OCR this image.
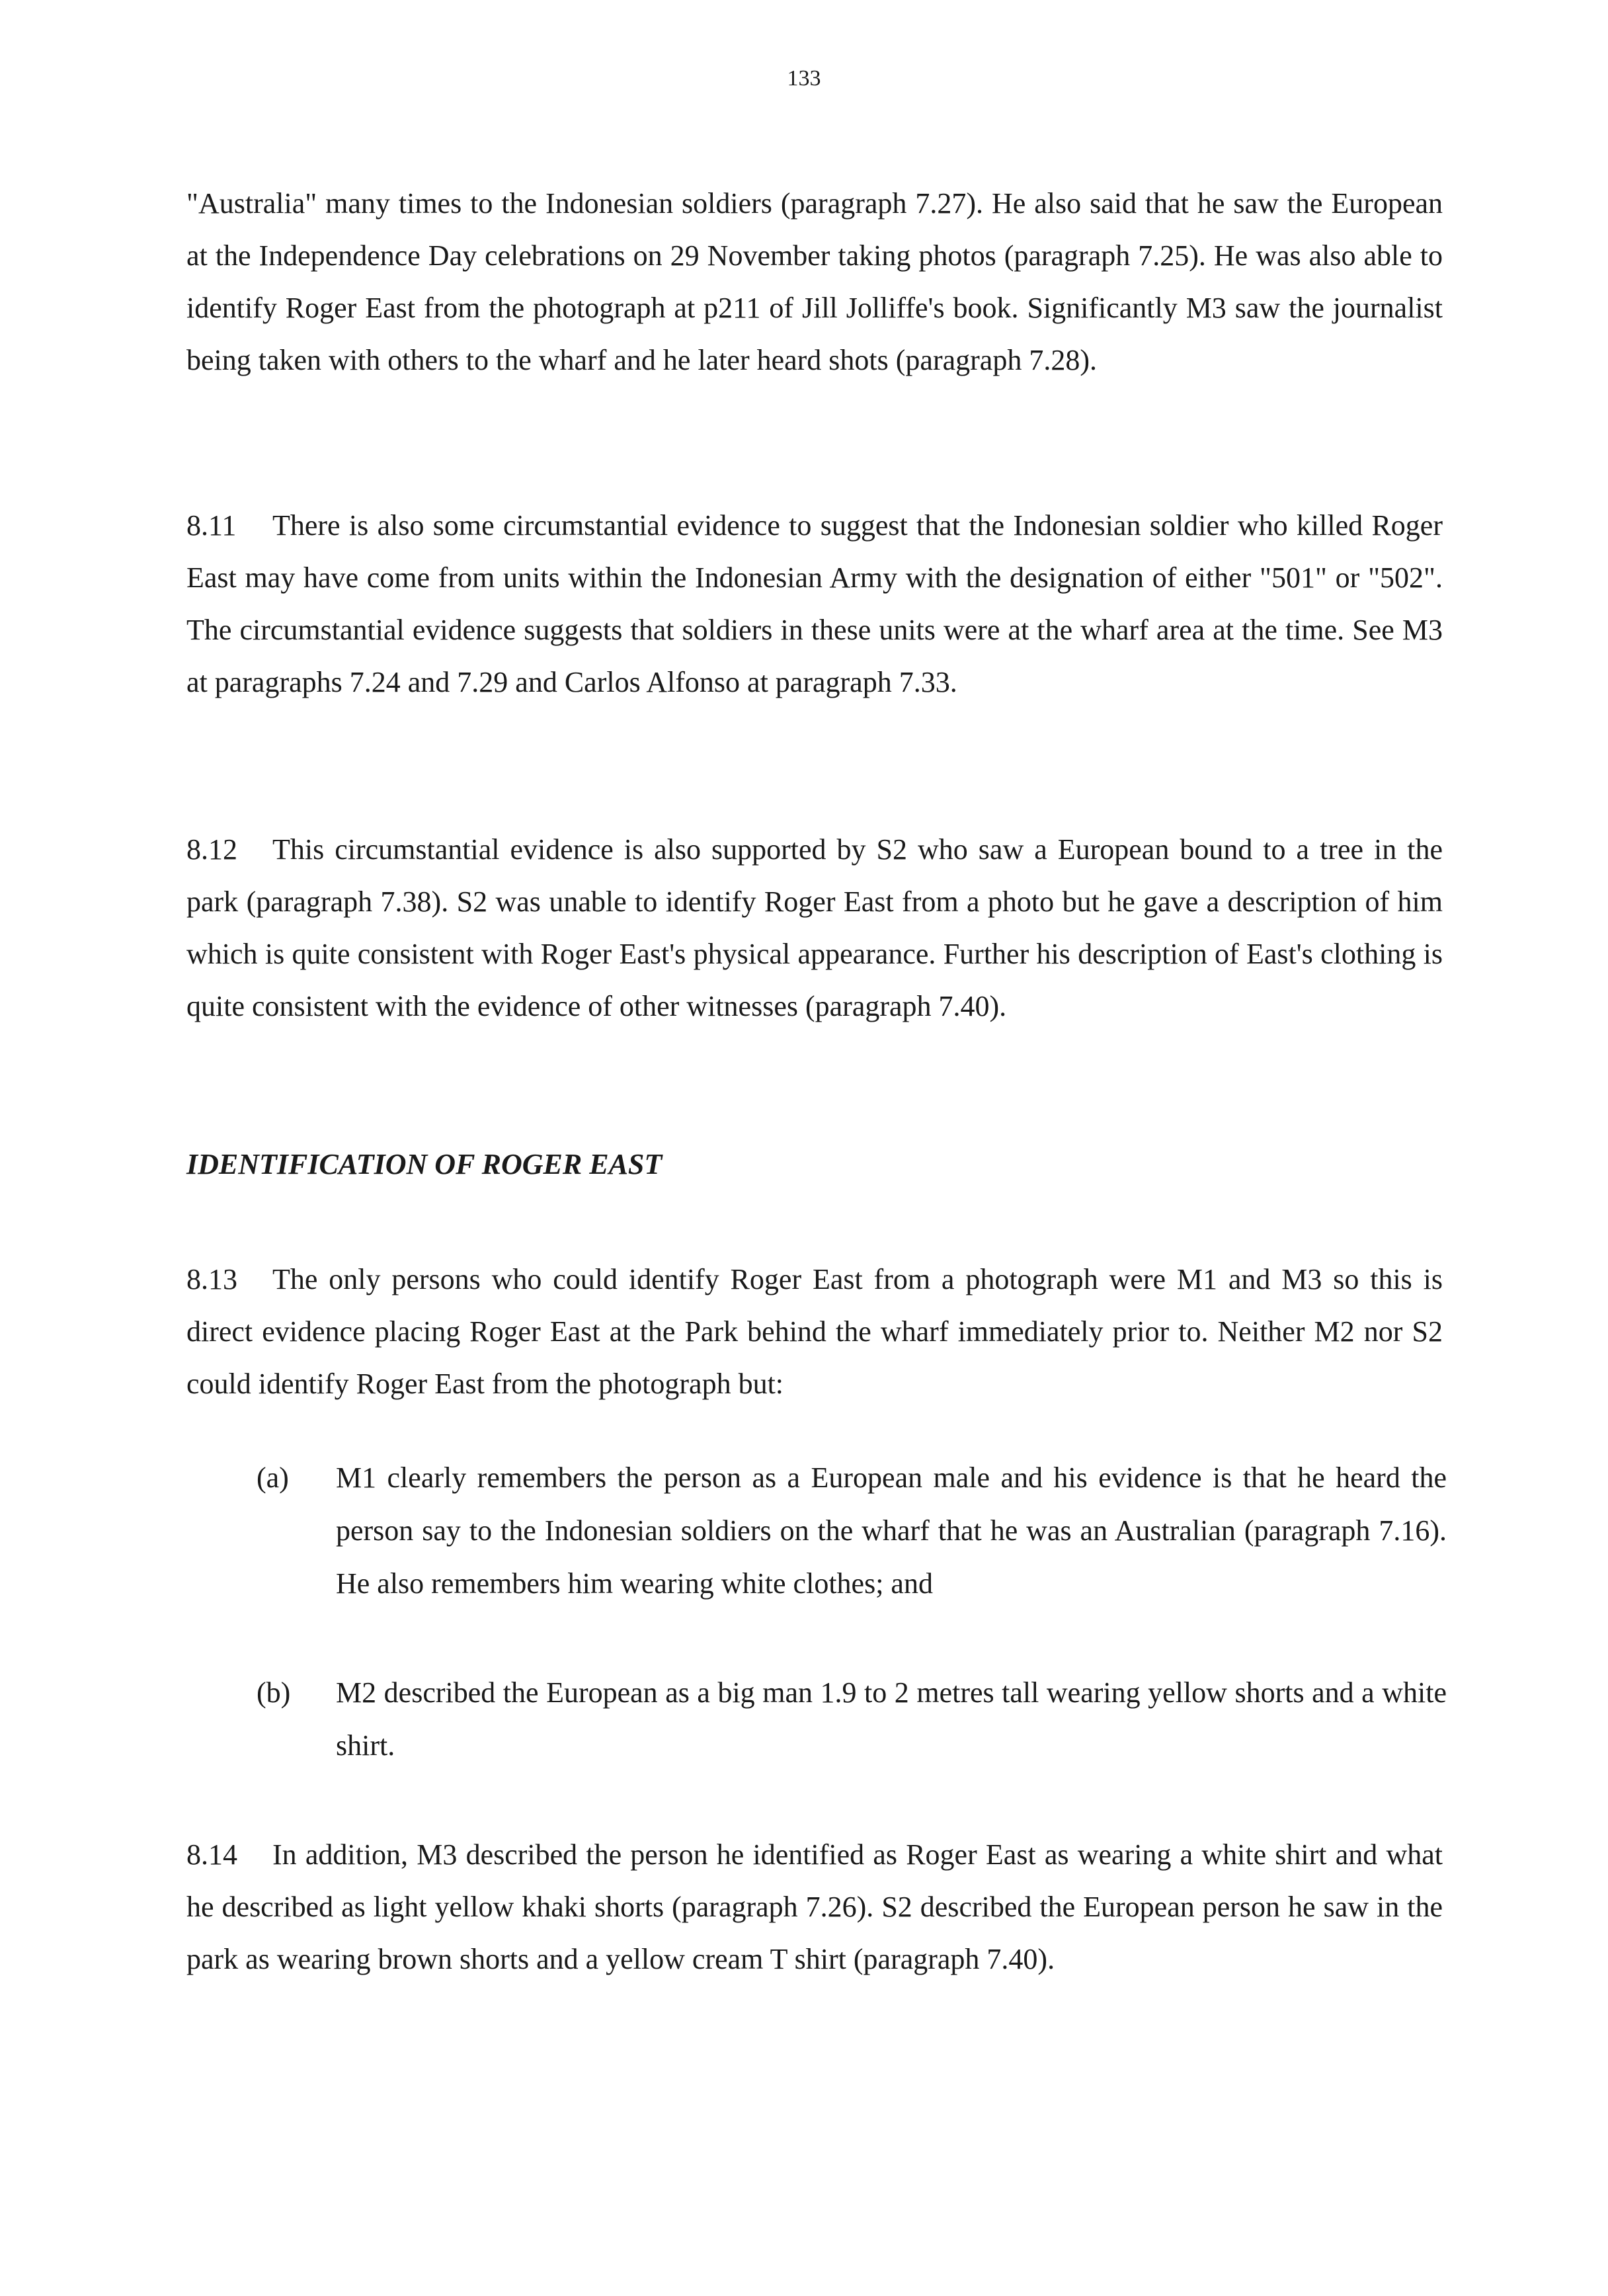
133

"Australia" many times to the Indonesian soldiers (paragraph 7.27). He also said that he saw the European at the Independence Day celebrations on 29 November taking photos (paragraph 7.25). He was also able to identify Roger East from the photograph at p211 of Jill Jolliffe's book. Significantly M3 saw the journalist being taken with others to the wharf and he later heard shots (paragraph 7.28).

8.11 There is also some circumstantial evidence to suggest that the Indonesian soldier who killed Roger East may have come from units within the Indonesian Army with the designation of either "501" or "502". The circumstantial evidence suggests that soldiers in these units were at the wharf area at the time. See M3 at paragraphs 7.24 and 7.29 and Carlos Alfonso at paragraph 7.33.

8.12 This circumstantial evidence is also supported by S2 who saw a European bound to a tree in the park (paragraph 7.38). S2 was unable to identify Roger East from a photo but he gave a description of him which is quite consistent with Roger East's physical appearance. Further his description of East's clothing is quite consistent with the evidence of other witnesses (paragraph 7.40).

IDENTIFICATION OF ROGER EAST

8.13 The only persons who could identify Roger East from a photograph were M1 and M3 so this is direct evidence placing Roger East at the Park behind the wharf immediately prior to. Neither M2 nor S2 could identify Roger East from the photograph but:

(a) M1 clearly remembers the person as a European male and his evidence is that he heard the person say to the Indonesian soldiers on the wharf that he was an Australian (paragraph 7.16). He also remembers him wearing white clothes; and
(b) M2 described the European as a big man 1.9 to 2 metres tall wearing yellow shorts and a white shirt.

8.14 In addition, M3 described the person he identified as Roger East as wearing a white shirt and what he described as light yellow khaki shorts (paragraph 7.26). S2 described the European person he saw in the park as wearing brown shorts and a yellow cream T shirt (paragraph 7.40).
